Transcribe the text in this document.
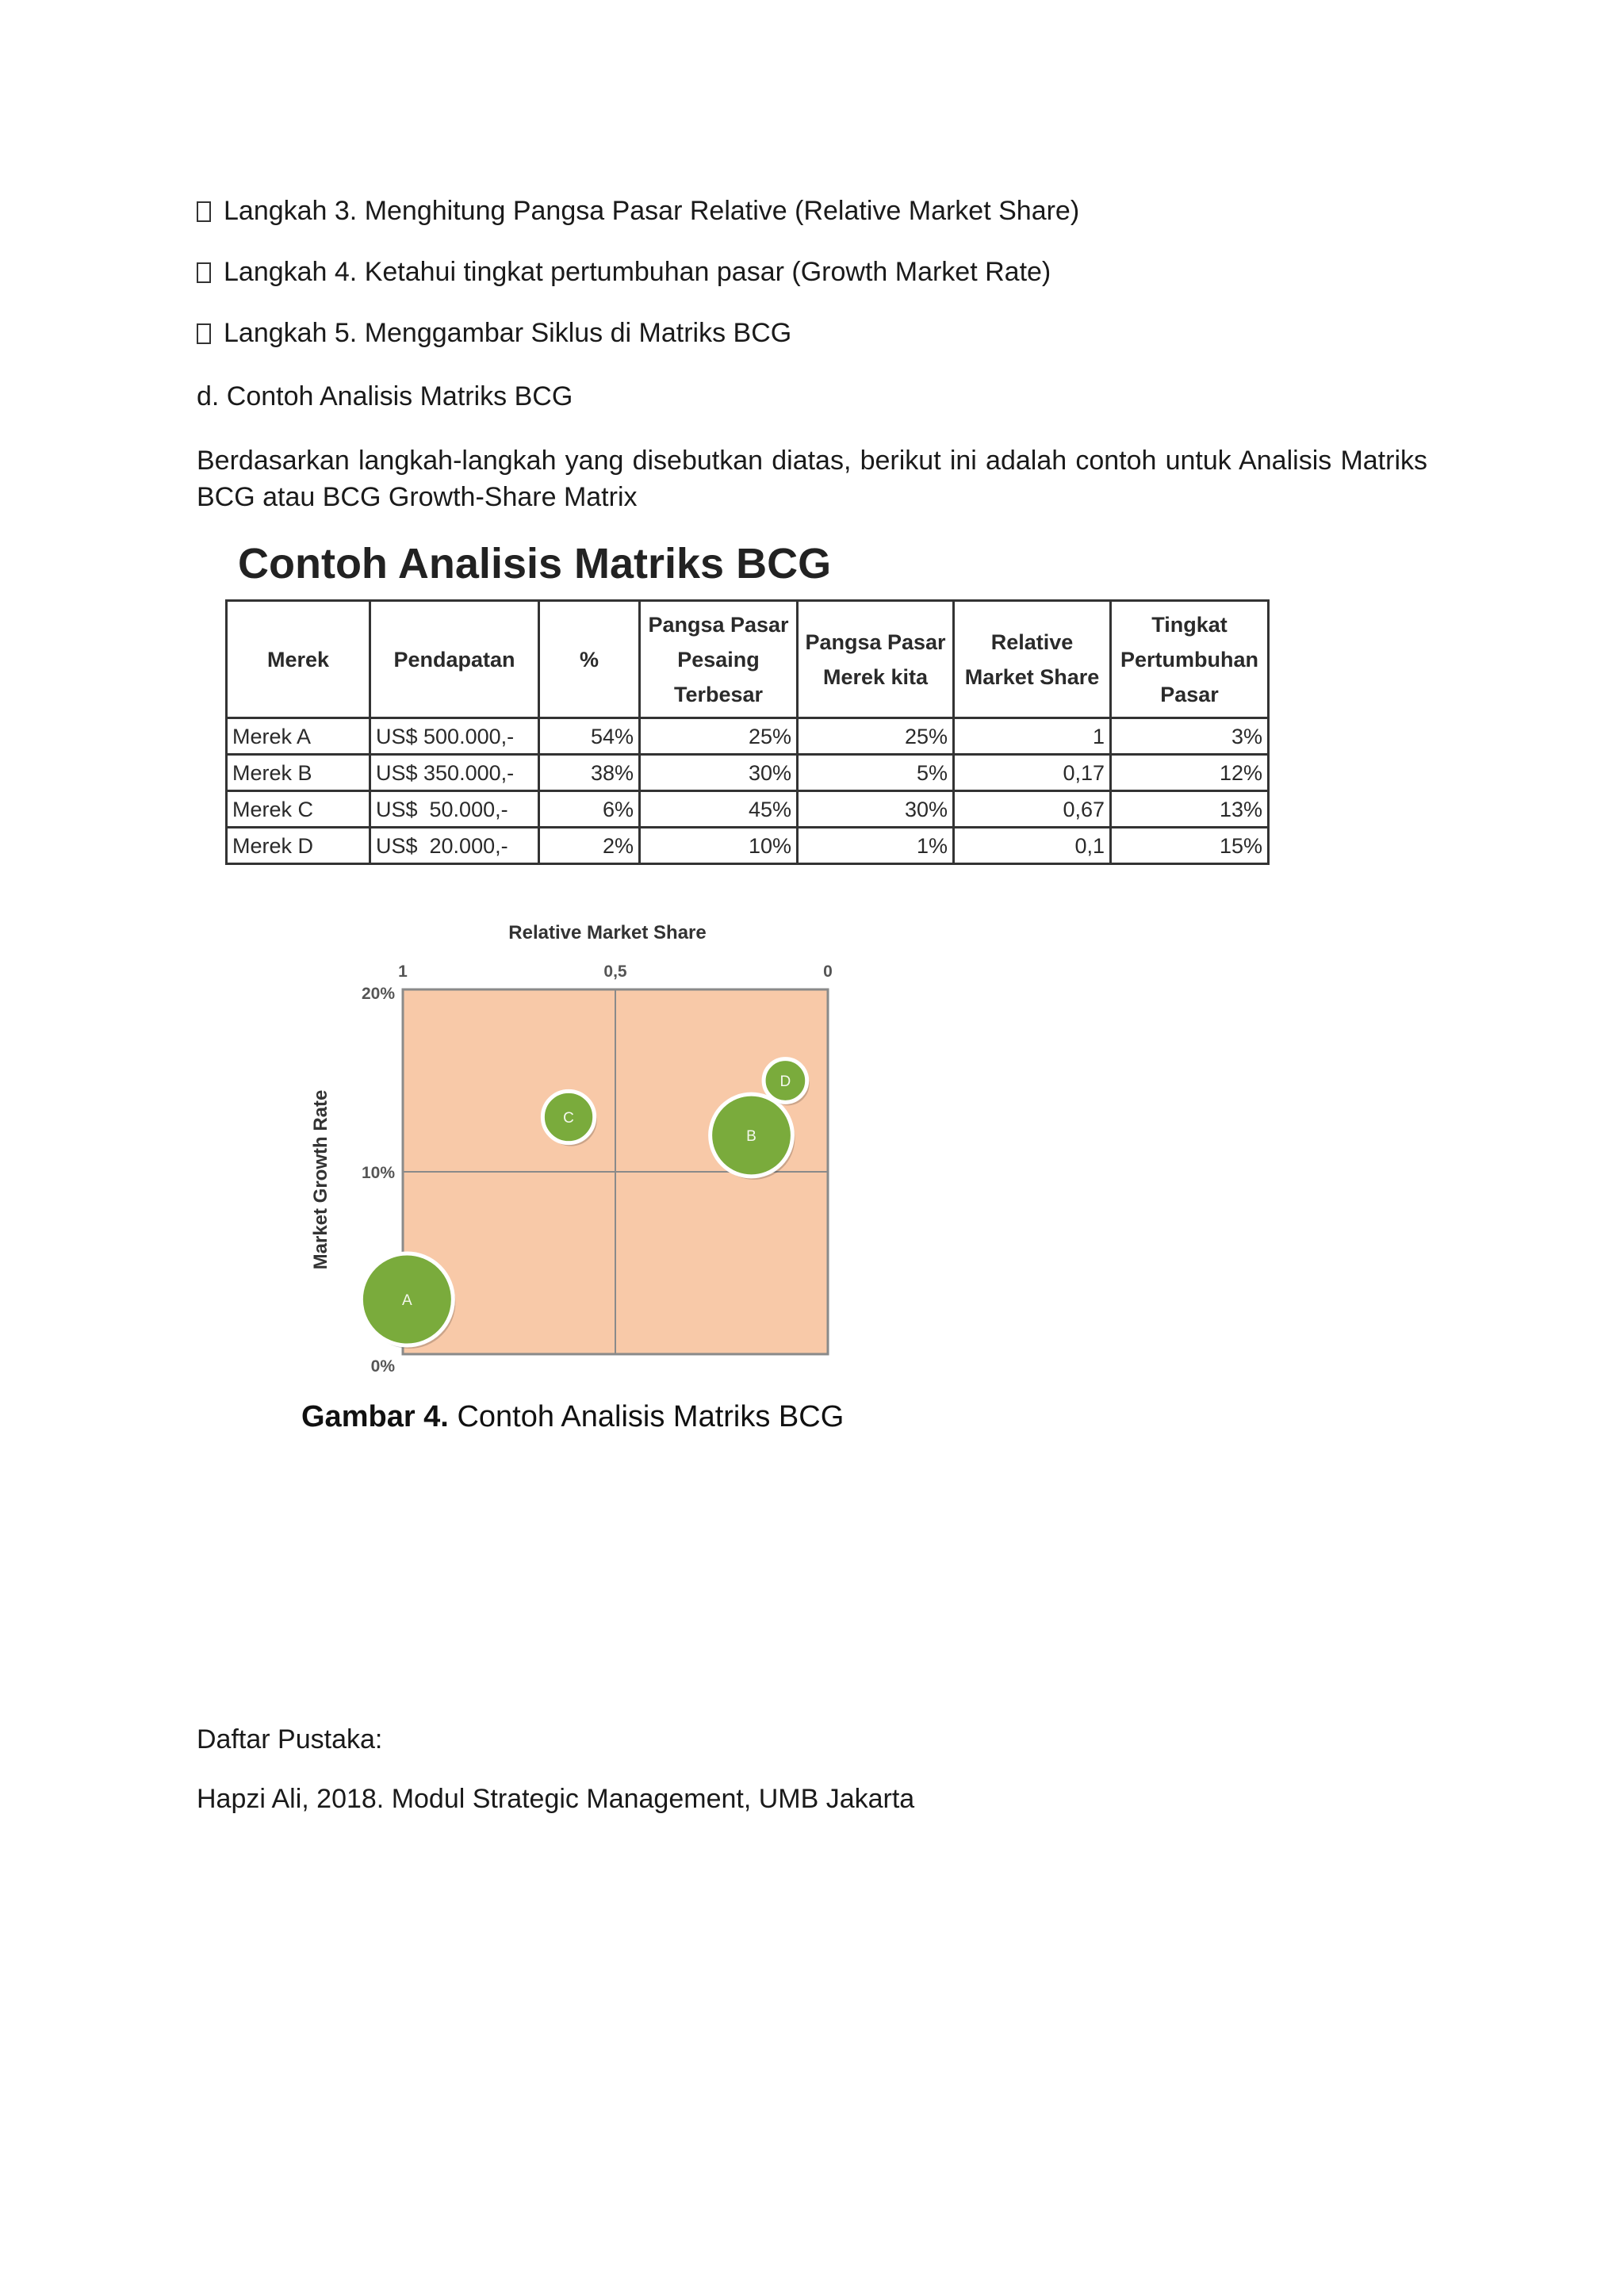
Langkah 3. Menghitung Pangsa Pasar Relative (Relative Market Share)
Langkah 4. Ketahui tingkat pertumbuhan pasar (Growth Market Rate)
Langkah 5. Menggambar Siklus di Matriks BCG
d. Contoh Analisis Matriks BCG
Berdasarkan langkah-langkah yang disebutkan diatas, berikut ini adalah contoh untuk Analisis Matriks BCG atau BCG Growth-Share Matrix
Contoh Analisis Matriks BCG
Merek	Pendapatan	%	Pangsa Pasar Pesaing Terbesar	Pangsa Pasar Merek kita	Relative Market Share	Tingkat Pertumbuhan Pasar
Merek A	US$ 500.000,-	54%	25%	25%	1	3%
Merek B	US$ 350.000,-	38%	30%	5%	0,17	12%
Merek C	US$  50.000,-	6%	45%	30%	0,67	13%
Merek D	US$  20.000,-	2%	10%	1%	0,1	15%
Relative Market Share
1	0,5	0
0%
10%
20%
Market Growth Rate
A
B
C
D
Gambar 4. Contoh Analisis Matriks BCG
Daftar Pustaka:
Hapzi Ali, 2018. Modul Strategic Management, UMB Jakarta
